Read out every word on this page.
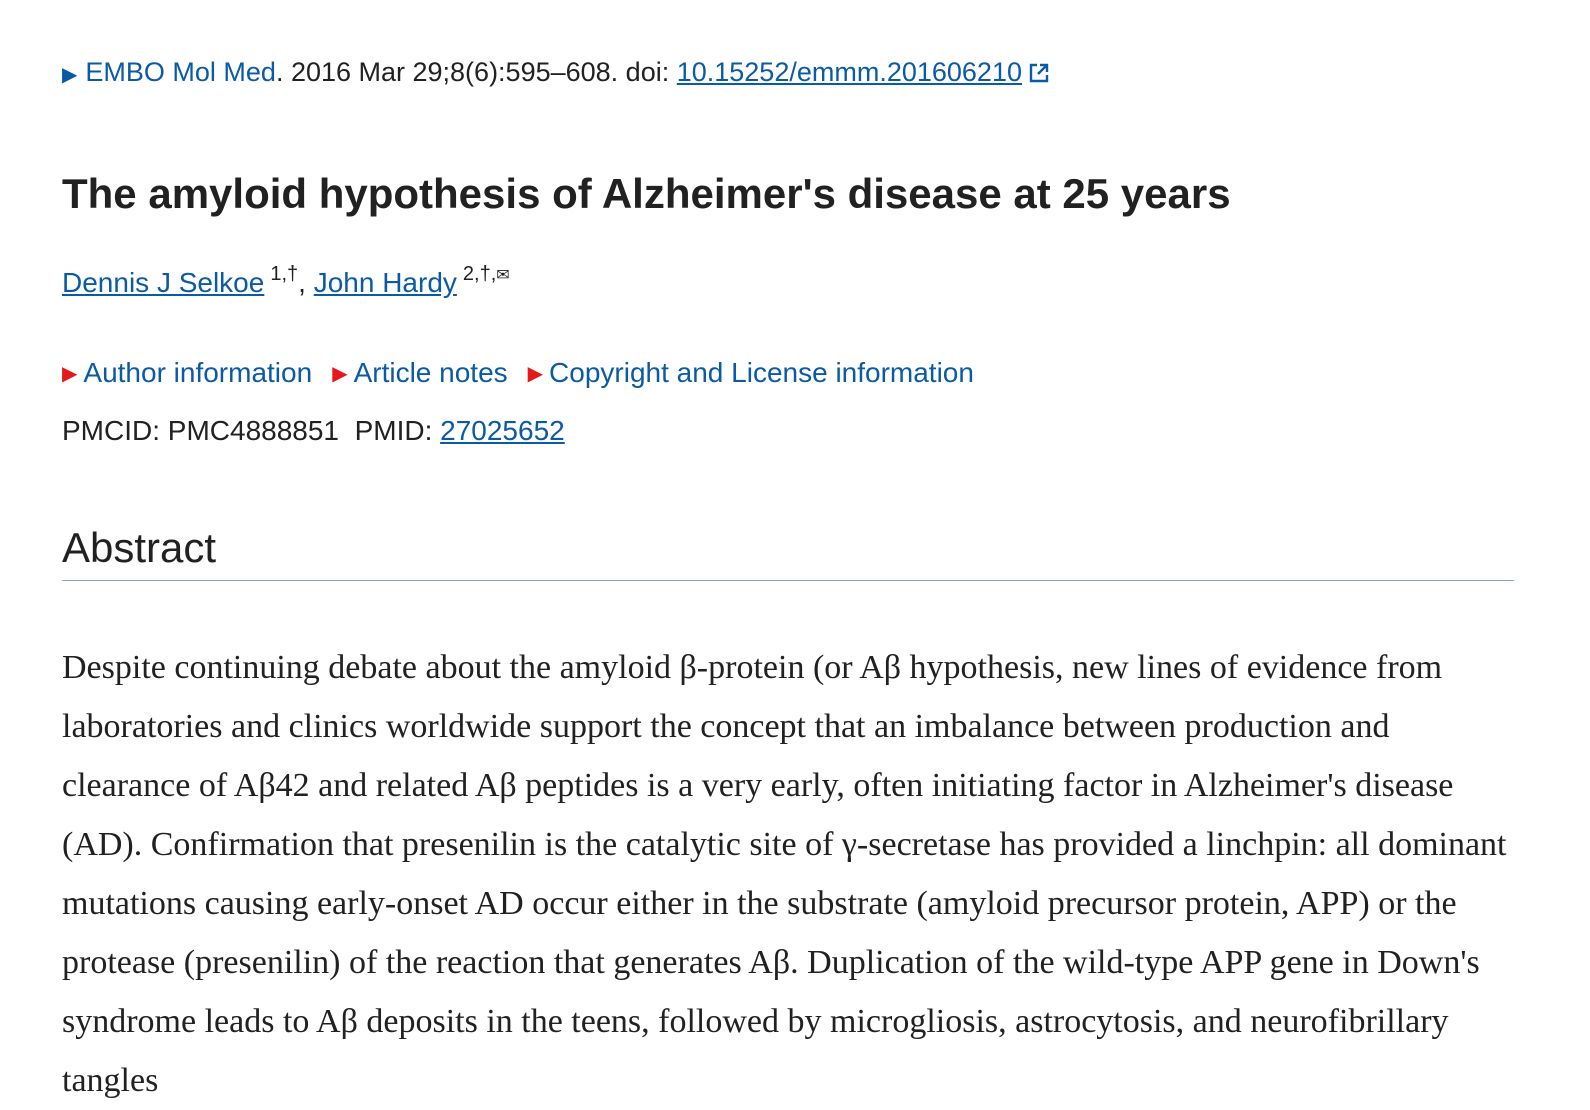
▶ EMBO Mol Med. 2016 Mar 29;8(6):595–608. doi: 10.15252/emmm.201606210
The amyloid hypothesis of Alzheimer's disease at 25 years
Dennis J Selkoe $^{1,\dagger}$, John Hardy $^{2,\dagger,✉}$
▶ Author information ▶ Article notes ▶ Copyright and License information
PMCID: PMC4888851 PMID: 27025652
Abstract

Despite continuing debate about the amyloid β-protein (or Aβ hypothesis, new lines of evidence from laboratories and clinics worldwide support the concept that an imbalance between production and clearance of Aβ42 and related Aβ peptides is a very early, often initiating factor in Alzheimer's disease (AD). Confirmation that presenilin is the catalytic site of γ-secretase has provided a linchpin: all dominant mutations causing early-onset AD occur either in the substrate (amyloid precursor protein, APP) or the protease (presenilin) of the reaction that generates Aβ. Duplication of the wild-type APP gene in Down's syndrome leads to Aβ deposits in the teens, followed by microgliosis, astrocytosis, and neurofibrillary tangles
